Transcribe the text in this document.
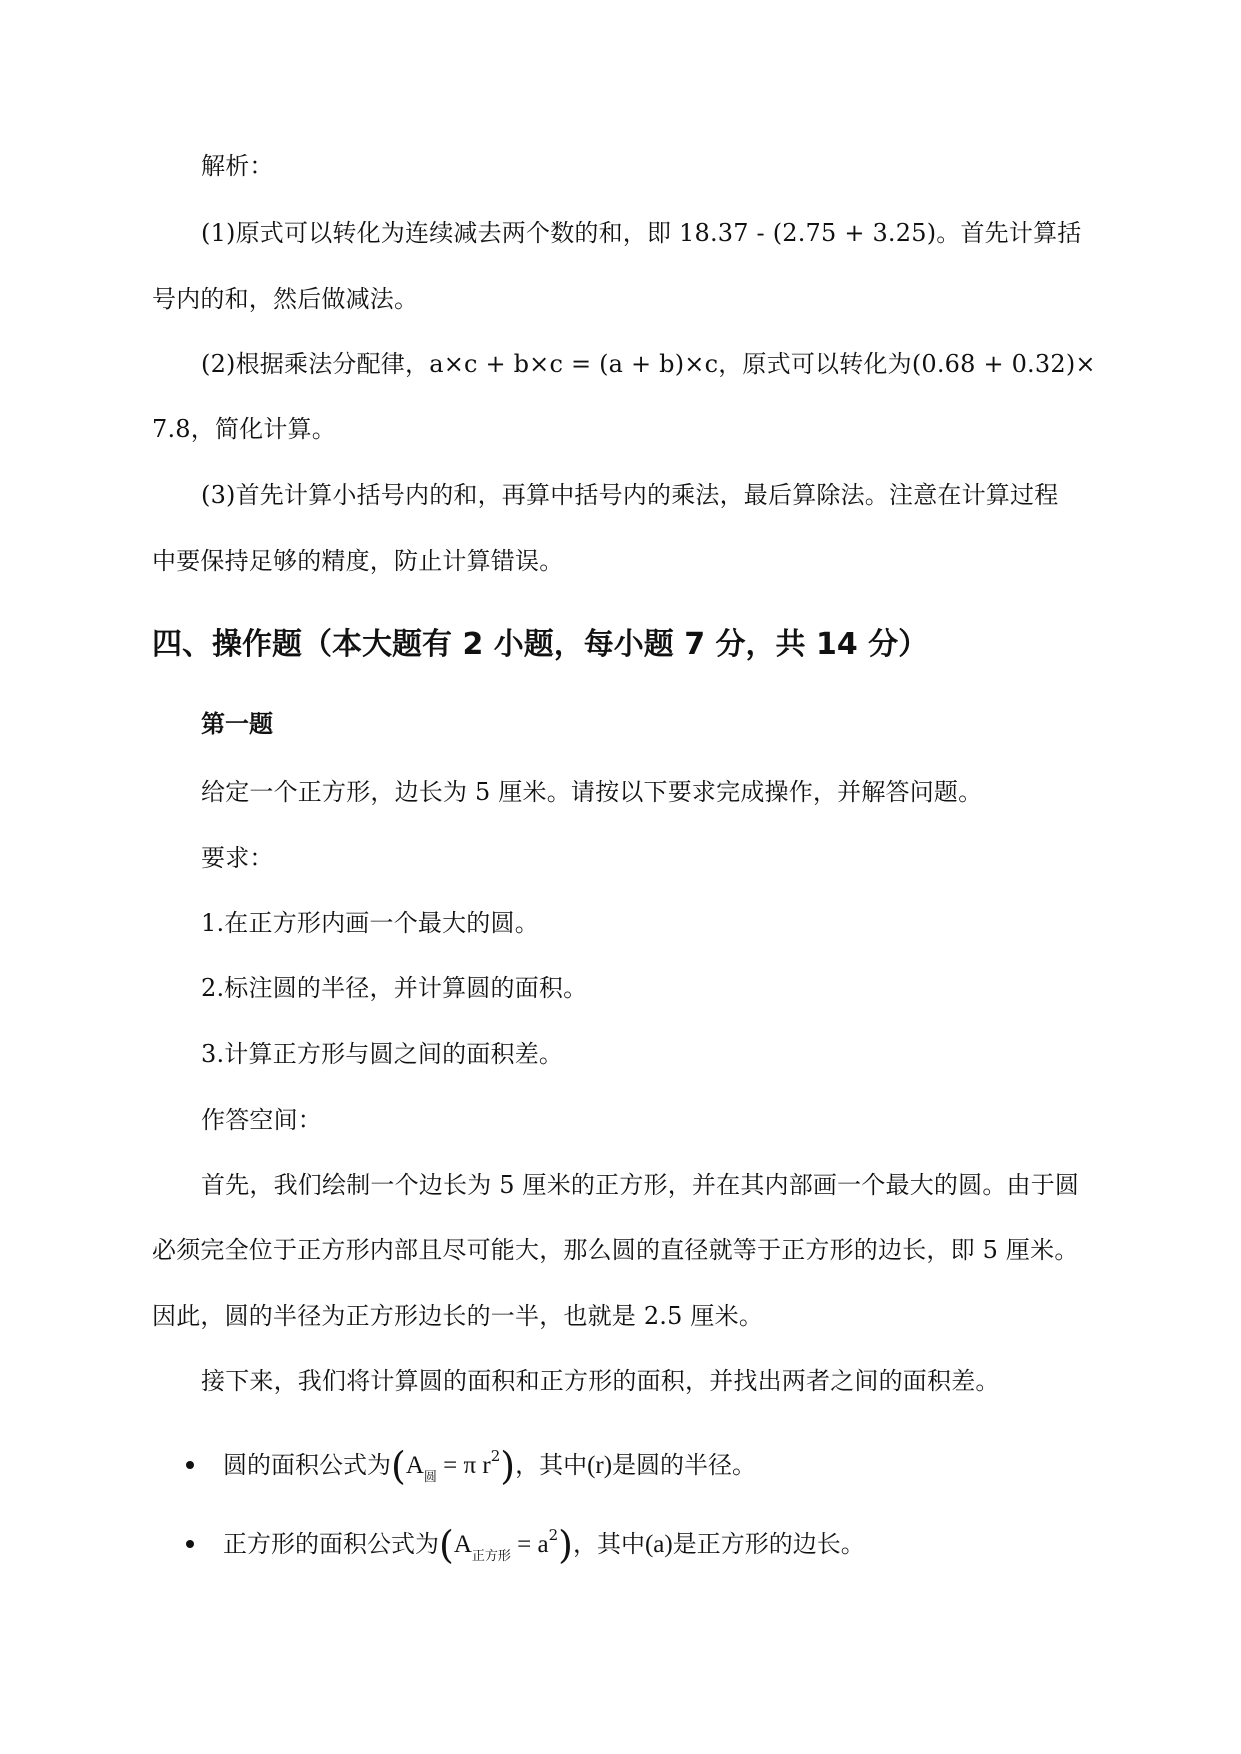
解析：
(1)原式可以转化为连续减去两个数的和，即 18.37 - (2.75 + 3.25)。首先计算括
号内的和，然后做减法。
(2)根据乘法分配律，a×c + b×c = (a + b)×c，原式可以转化为(0.68 + 0.32)×
7.8，简化计算。
(3)首先计算小括号内的和，再算中括号内的乘法，最后算除法。注意在计算过程
中要保持足够的精度，防止计算错误。
四、操作题（本大题有 2 小题，每小题 7 分，共 14 分）
第一题
给定一个正方形，边长为 5 厘米。请按以下要求完成操作，并解答问题。
要求：
1.在正方形内画一个最大的圆。
2.标注圆的半径，并计算圆的面积。
3.计算正方形与圆之间的面积差。
作答空间：
首先，我们绘制一个边长为 5 厘米的正方形，并在其内部画一个最大的圆。由于圆
必须完全位于正方形内部且尽可能大，那么圆的直径就等于正方形的边长，即 5 厘米。
因此，圆的半径为正方形边长的一半，也就是 2.5 厘米。
接下来，我们将计算圆的面积和正方形的面积，并找出两者之间的面积差。
圆的面积公式为($A_圆 = \pi$ $r^2$)，其中(r)是圆的半径。
正方形的面积公式为$(A_{正方形} = a^2)$，其中(a)是正方形的边长。
